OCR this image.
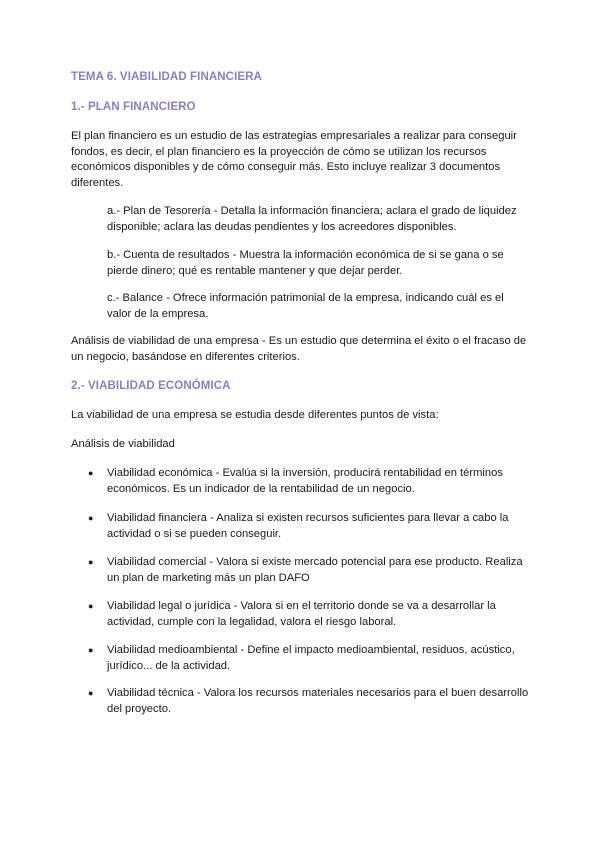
TEMA 6. VIABILIDAD FINANCIERA
1.- PLAN FINANCIERO
El plan financiero es un estudio de las estrategias empresariales a realizar para conseguir
fondos, es decir, el plan financiero es la proyección de cómo se utilizan los recursos
económicos disponibles y de cómo conseguir más. Esto incluye realizar 3 documentos
diferentes.
a.- Plan de Tesorería - Detalla la información financiera; aclara el grado de liquidez
disponible; aclara las deudas pendientes y los acreedores disponibles.
b.- Cuenta de resultados - Muestra la información económica de si se gana o se
pierde dinero; qué es rentable mantener y que dejar perder.
c.- Balance - Ofrece información patrimonial de la empresa, indicando cuál es el
valor de la empresa.
Análisis de viabilidad de una empresa - Es un estudio que determina el éxito o el fracaso de
un negocio, basándose en diferentes criterios.
2.- VIABILIDAD ECONÓMICA
La viabilidad de una empresa se estudia desde diferentes puntos de vista:
Análisis de viabilidad
● Viabilidad económica - Evalúa si la inversión, producirá rentabilidad en términos
económicos. Es un indicador de la rentabilidad de un negocio.
● Viabilidad financiera - Analiza si existen recursos suficientes para llevar a cabo la
actividad o si se pueden conseguir.
● Viabilidad comercial - Valora si existe mercado potencial para ese producto. Realiza
un plan de marketing más un plan DAFO
● Viabilidad legal o jurídica - Valora si en el territorio donde se va a desarrollar la
actividad, cumple con la legalidad, valora el riesgo laboral.
● Viabilidad medioambiental - Define el impacto medioambiental, residuos, acústico,
jurídico... de la actividad.
● Viabilidad técnica - Valora los recursos materiales necesarios para el buen desarrollo
del proyecto.
